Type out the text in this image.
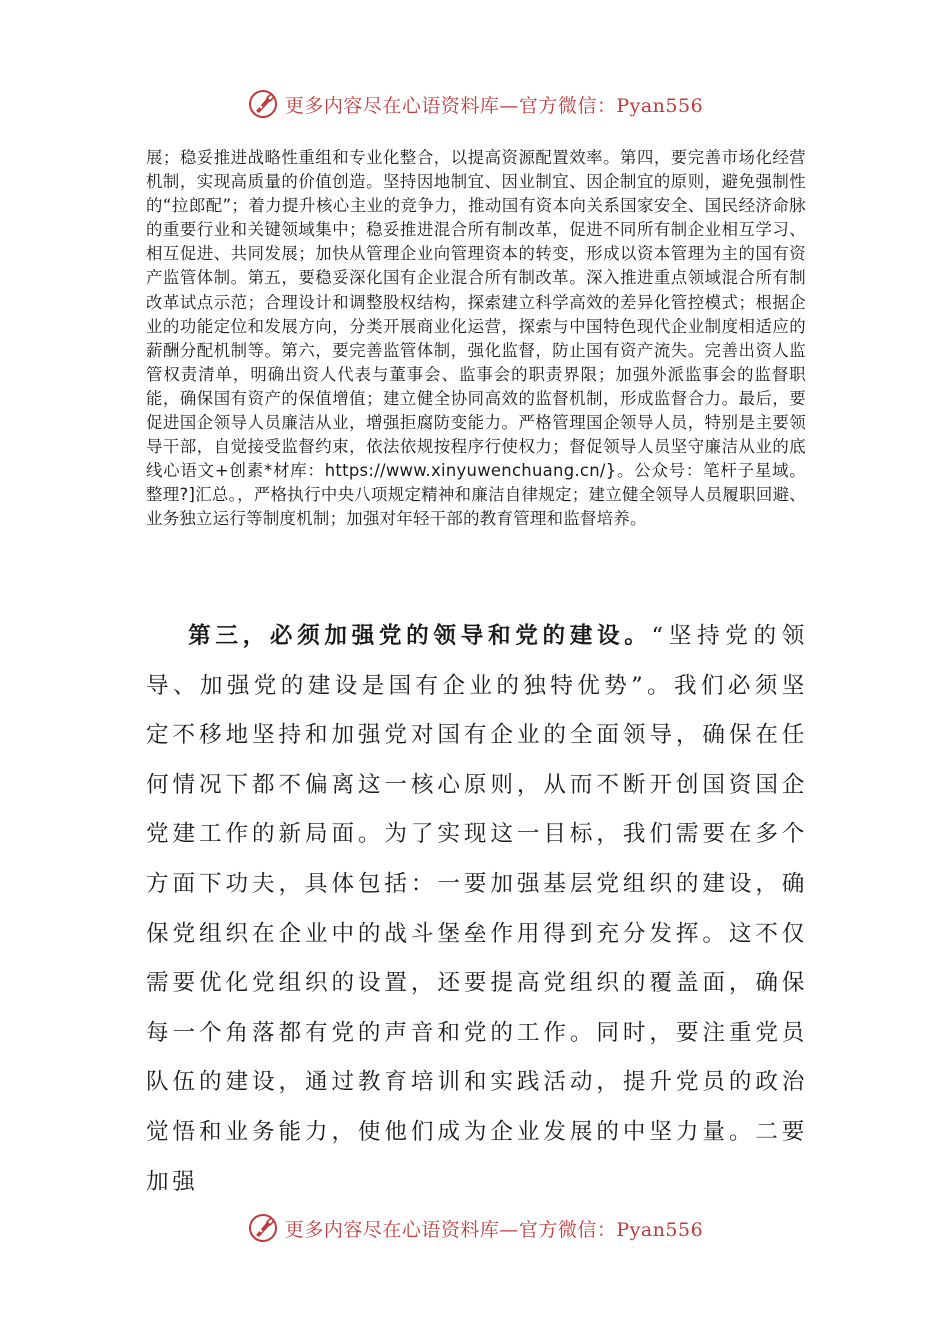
更多内容尽在心语资料库—官方微信：Pyan556
展；稳妥推进战略性重组和专业化整合，以提高资源配置效率。第四，要完善市场化经营机制，实现高质量的价值创造。坚持因地制宜、因业制宜、因企制宜的原则，避免强制性的“拉郎配”；着力提升核心主业的竞争力，推动国有资本向关系国家安全、国民经济命脉的重要行业和关键领域集中；稳妥推进混合所有制改革，促进不同所有制企业相互学习、相互促进、共同发展；加快从管理企业向管理资本的转变，形成以资本管理为主的国有资产监管体制。第五，要稳妥深化国有企业混合所有制改革。深入推进重点领域混合所有制改革试点示范；合理设计和调整股权结构，探索建立科学高效的差异化管控模式；根据企业的功能定位和发展方向，分类开展商业化运营，探索与中国特色现代企业制度相适应的薪酬分配机制等。第六，要完善监管体制，强化监督，防止国有资产流失。完善出资人监管权责清单，明确出资人代表与董事会、监事会的职责界限；加强外派监事会的监督职能，确保国有资产的保值增值；建立健全协同高效的监督机制，形成监督合力。最后，要促进国企领导人员廉洁从业，增强拒腐防变能力。严格管理国企领导人员，特别是主要领导干部，自觉接受监督约束，依法依规按程序行使权力；督促领导人员坚守廉洁从业的底线心语文+创素*材库：https://www.xinyuwenchuang.cn/}。公众号：笔杆子星域。整理?]汇总。，严格执行中央八项规定精神和廉洁自律规定；建立健全领导人员履职回避、业务独立运行等制度机制；加强对年轻干部的教育管理和监督培养。
第三，必须加强党的领导和党的建设。“坚持党的领导、加强党的建设是国有企业的独特优势”。我们必须坚定不移地坚持和加强党对国有企业的全面领导，确保在任何情况下都不偏离这一核心原则，从而不断开创国资国企党建工作的新局面。为了实现这一目标，我们需要在多个方面下功夫，具体包括：一要加强基层党组织的建设，确保党组织在企业中的战斗堡垒作用得到充分发挥。这不仅需要优化党组织的设置，还要提高党组织的覆盖面，确保每一个角落都有党的声音和党的工作。同时，要注重党员队伍的建设，通过教育培训和实践活动，提升党员的政治觉悟和业务能力，使他们成为企业发展的中坚力量。二要加强
更多内容尽在心语资料库—官方微信：Pyan556
